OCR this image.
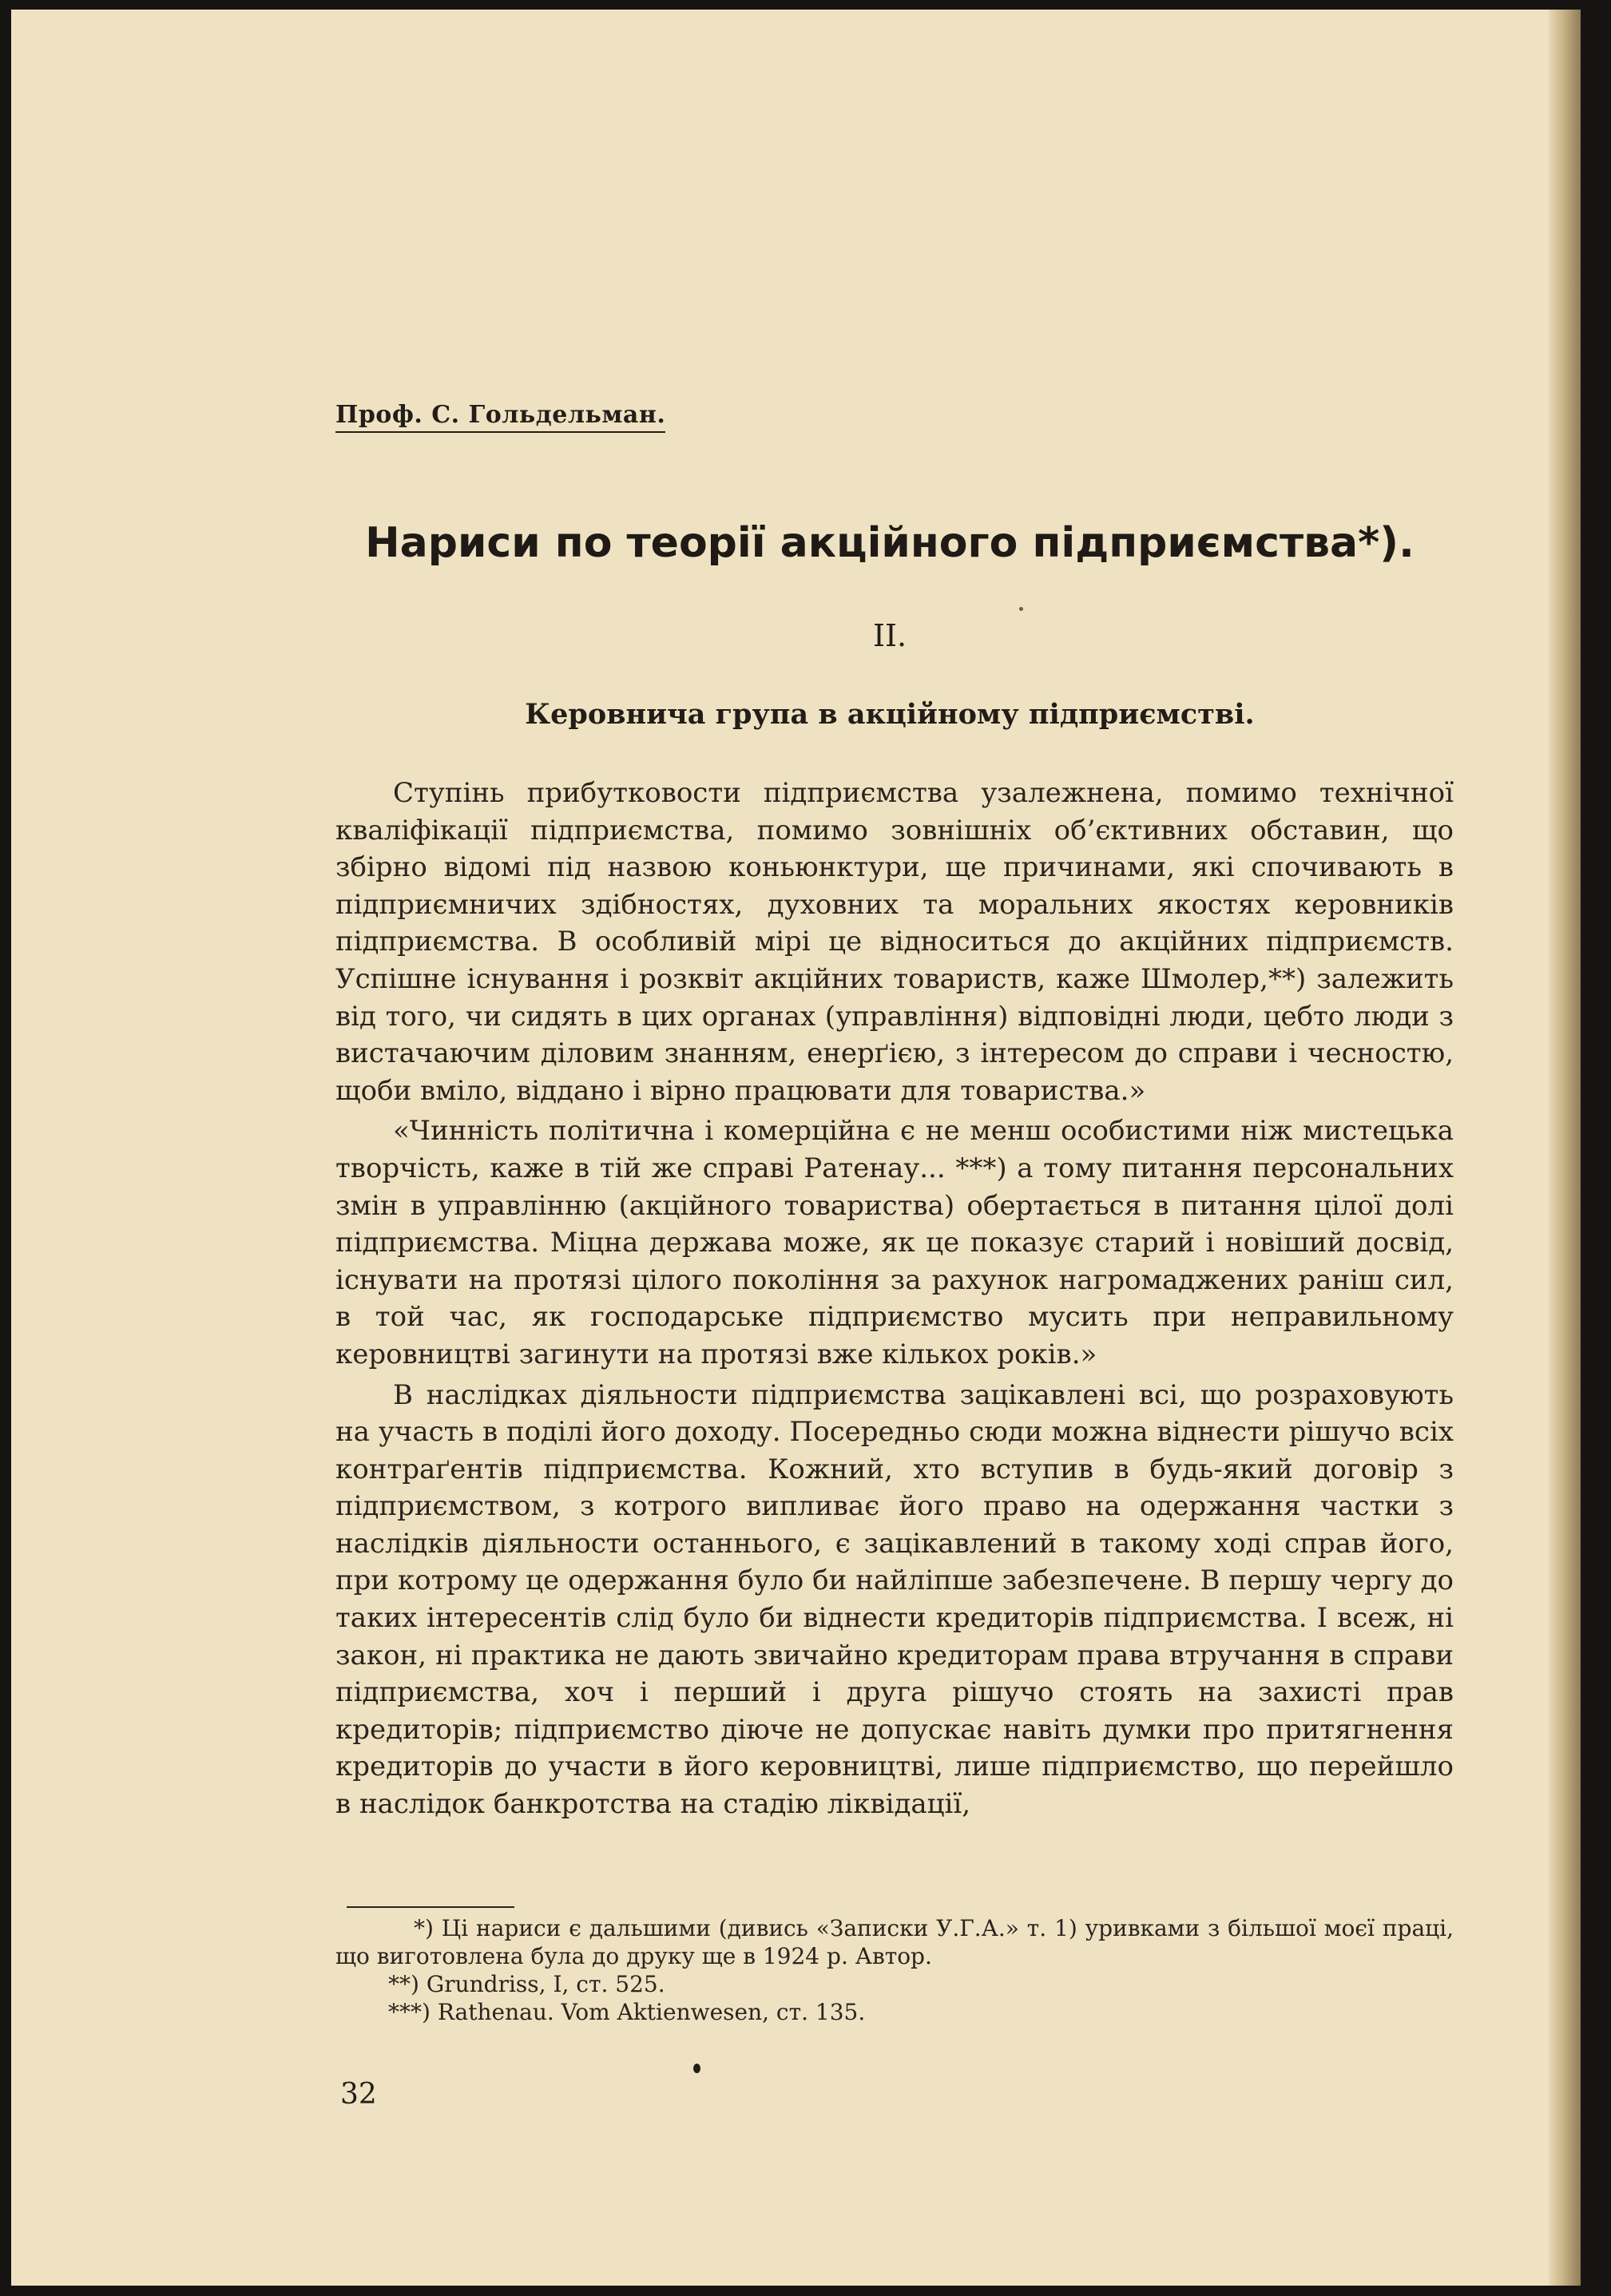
Проф. С. Гольдельман.
Нариси по теорії акційного підприємства*).
II.
Керовнича група в акційному підприємстві.

Ступінь прибутковости підприємства узалежнена, помимо технічної кваліфікації підприємства, помимо зовнішніх об’єктивних обставин, що збірно відомі під назвою коньюнктури, ще причинами, які спочивають в підприємничих здібностях, духовних та моральних якостях керовників підприємства. В особливій мірі це відноситься до акційних підприємств. Успішне існування і розквіт акційних товариств, каже Шмолер,**) залежить від того, чи сидять в цих органах (управління) відповідні люди, цебто люди з вистачаючим діловим знанням, енерґією, з інтересом до справи і чесностю, щоби вміло, віддано і вірно працювати для товариства.»

«Чинність політична і комерційна є не менш особистими ніж мистецька творчість, каже в тій же справі Ратенау... ***) а тому питання персональних змін в управлінню (акційного товариства) обертається в питання цілої долі підприємства. Міцна держава може, як це показує старий і новіший досвід, існувати на протязі цілого покоління за рахунок нагромаджених раніш сил, в той час, як господарське підприємство мусить при неправильному керовництві загинути на протязі вже кількох років.»

В наслідках діяльности підприємства зацікавлені всі, що розраховують на участь в поділі його доходу. Посередньо сюди можна віднести рішучо всіх контраґентів підприємства. Кожний, хто вступив в будь-який договір з підприємством, з котрого випливає його право на одержання частки з наслідків діяльности останнього, є зацікавлений в такому ході справ його, при котрому це одержання було би найліпше забезпечене. В першу чергу до таких інтересентів слід було би віднести кредиторів підприємства. І всеж, ні закон, ні практика не дають звичайно кредиторам права втручання в справи підприємства, хоч і перший і друга рішучо стоять на захисті прав кредиторів; підприємство діюче не допускає навіть думки про притягнення кредиторів до участи в його керовництві, лише підприємство, що перейшло в наслідок банкротства на стадію ліквідації,

*) Ці нариси є дальшими (дивись «Записки У.Г.А.» т. 1) уривками з більшої моєї праці, що виготовлена була до друку ще в 1924 р. Автор.

**) Grundriss, I, ст. 525.

***) Rathenau. Vom Aktienwesen, ст. 135.

32
